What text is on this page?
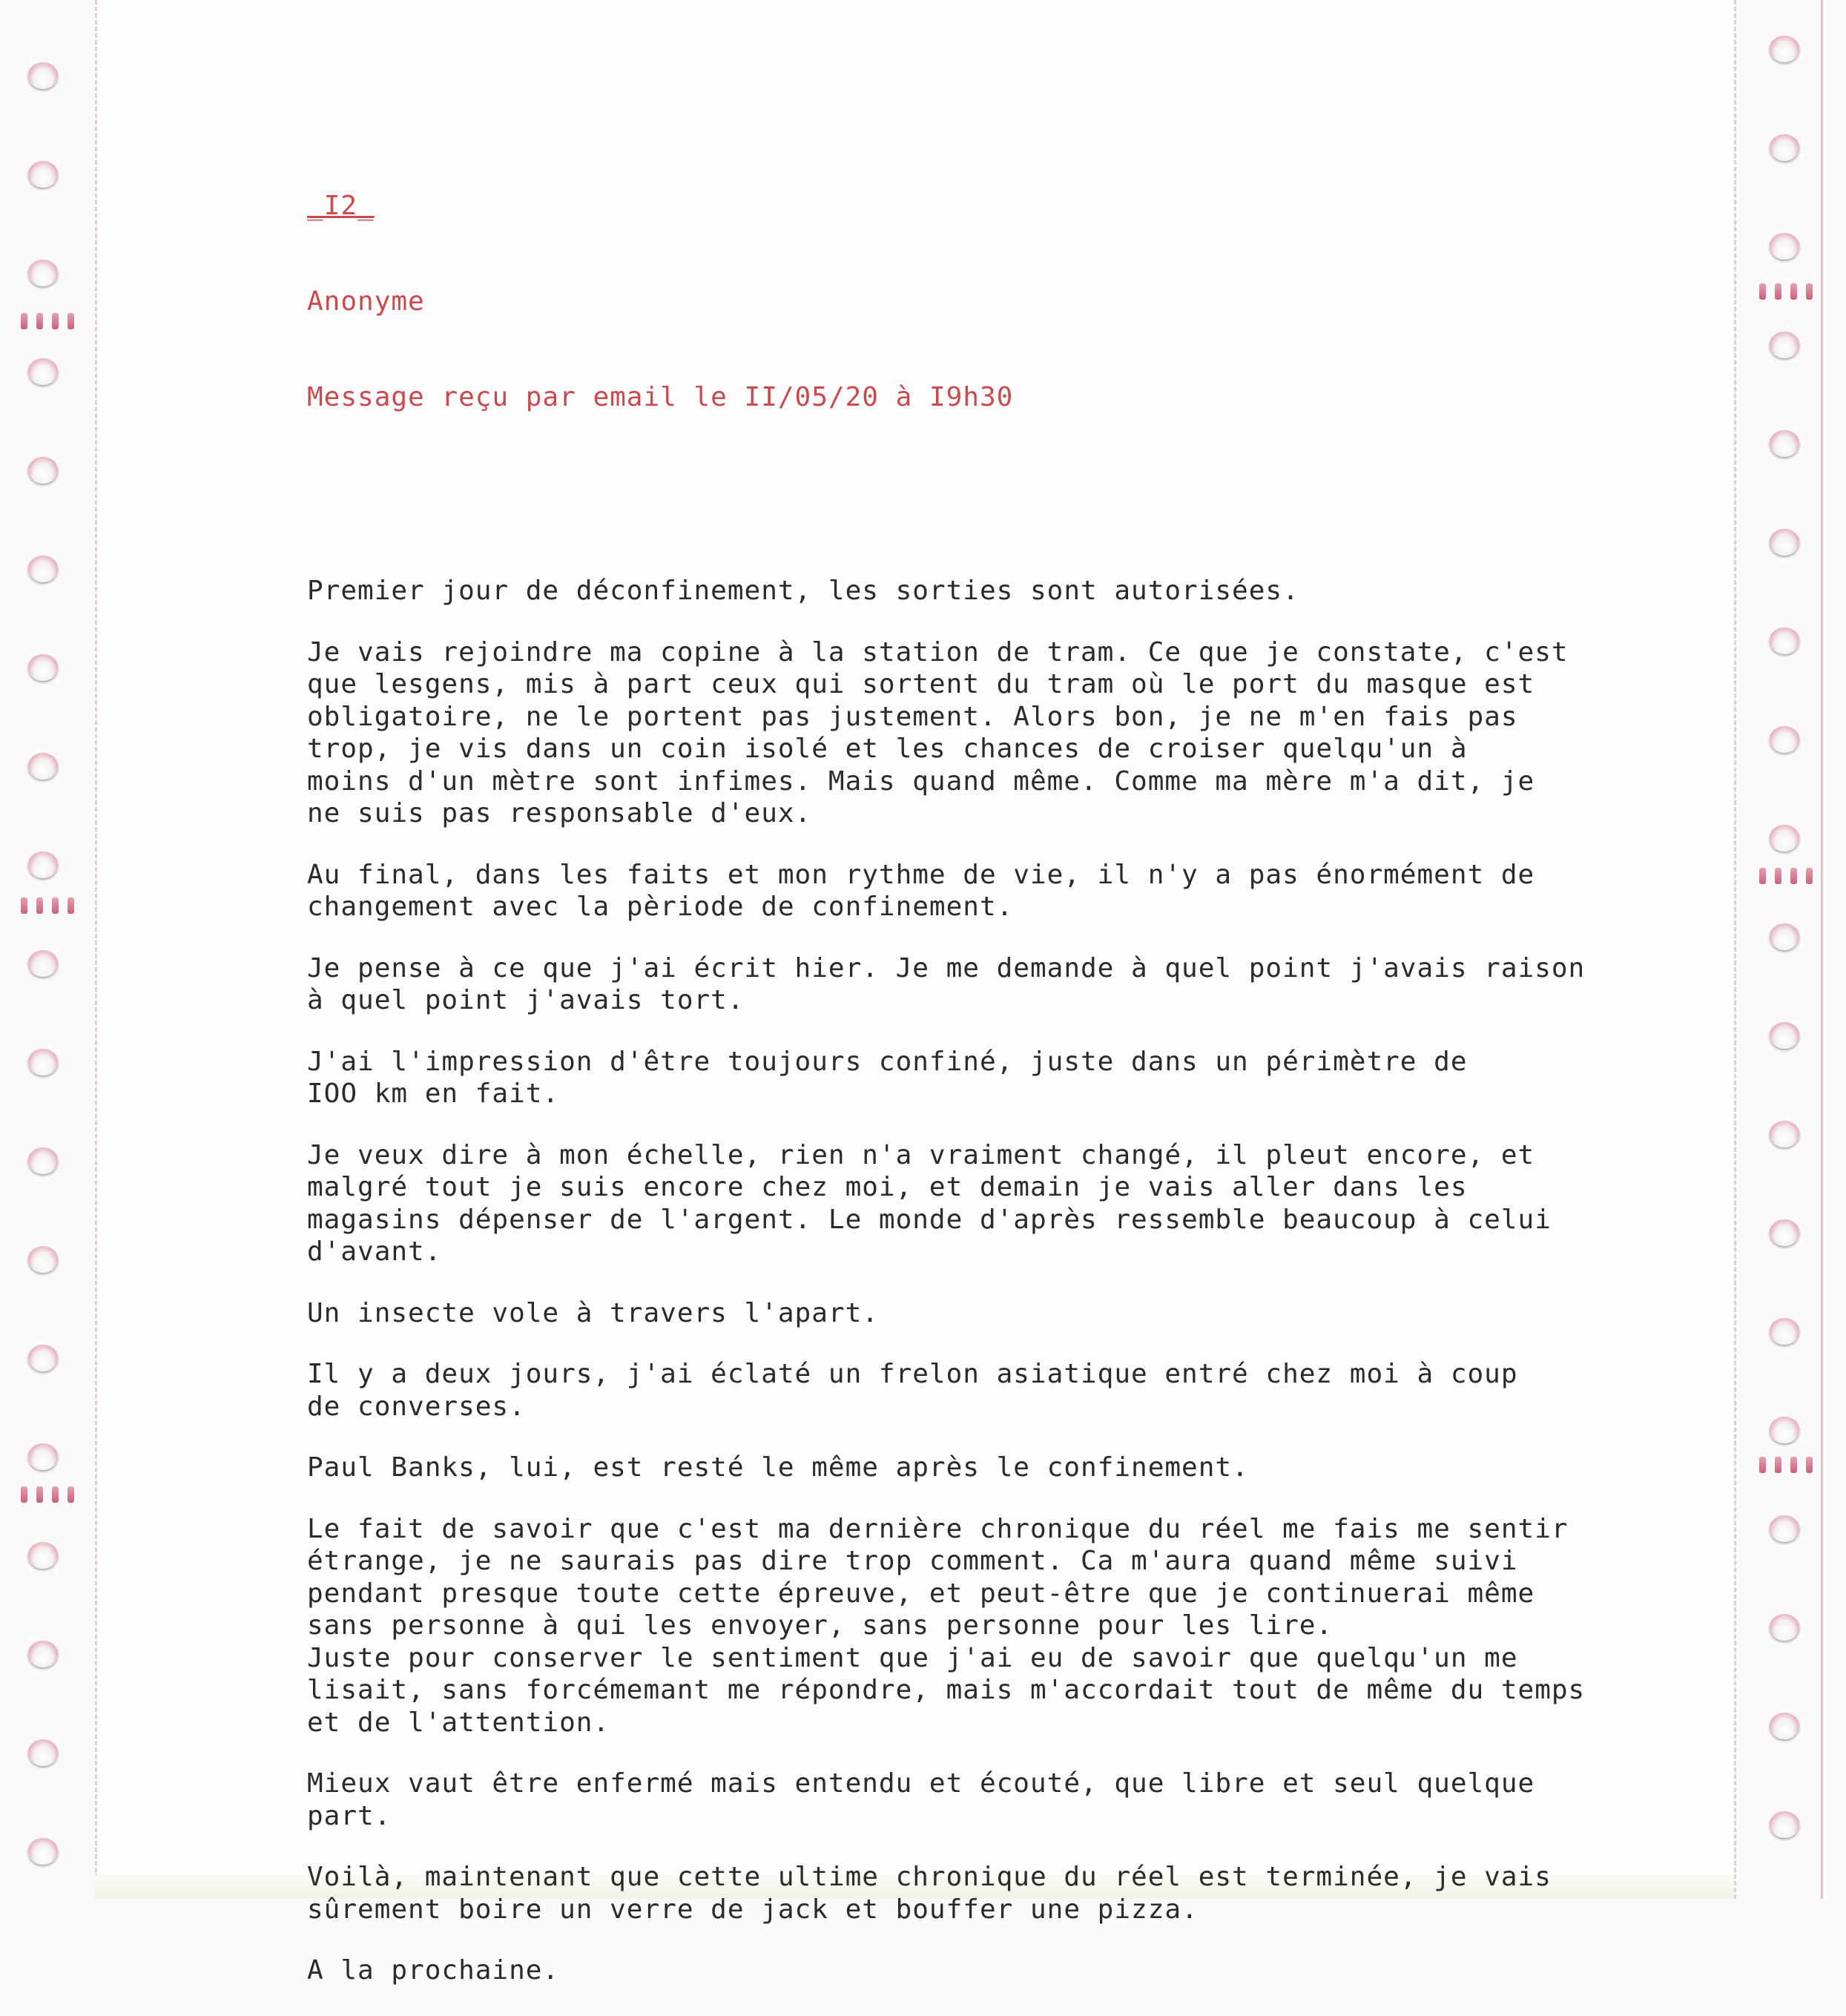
_I2_

Anonyme

Message reçu par email le II/05/20 à I9h30

Premier jour de déconfinement, les sorties sont autorisées.

Je vais rejoindre ma copine à la station de tram. Ce que je constate, c'est
que lesgens, mis à part ceux qui sortent du tram où le port du masque est
obligatoire, ne le portent pas justement. Alors bon, je ne m'en fais pas
trop, je vis dans un coin isolé et les chances de croiser quelqu'un à
moins d'un mètre sont infimes. Mais quand même. Comme ma mère m'a dit, je
ne suis pas responsable d'eux.

Au final, dans les faits et mon rythme de vie, il n'y a pas énormément de
changement avec la pèriode de confinement.

Je pense à ce que j'ai écrit hier. Je me demande à quel point j'avais raison
à quel point j'avais tort.

J'ai l'impression d'être toujours confiné, juste dans un périmètre de
IOO km en fait.

Je veux dire à mon échelle, rien n'a vraiment changé, il pleut encore, et
malgré tout je suis encore chez moi, et demain je vais aller dans les
magasins dépenser de l'argent. Le monde d'après ressemble beaucoup à celui
d'avant.

Un insecte vole à travers l'apart.

Il y a deux jours, j'ai éclaté un frelon asiatique entré chez moi à coup
de converses.

Paul Banks, lui, est resté le même après le confinement.

Le fait de savoir que c'est ma dernière chronique du réel me fais me sentir
étrange, je ne saurais pas dire trop comment. Ca m'aura quand même suivi
pendant presque toute cette épreuve, et peut-être que je continuerai même
sans personne à qui les envoyer, sans personne pour les lire.
Juste pour conserver le sentiment que j'ai eu de savoir que quelqu'un me
lisait, sans forcémemant me répondre, mais m'accordait tout de même du temps
et de l'attention.

Mieux vaut être enfermé mais entendu et écouté, que libre et seul quelque
part.

Voilà, maintenant que cette ultime chronique du réel est terminée, je vais
sûrement boire un verre de jack et bouffer une pizza.

A la prochaine.
